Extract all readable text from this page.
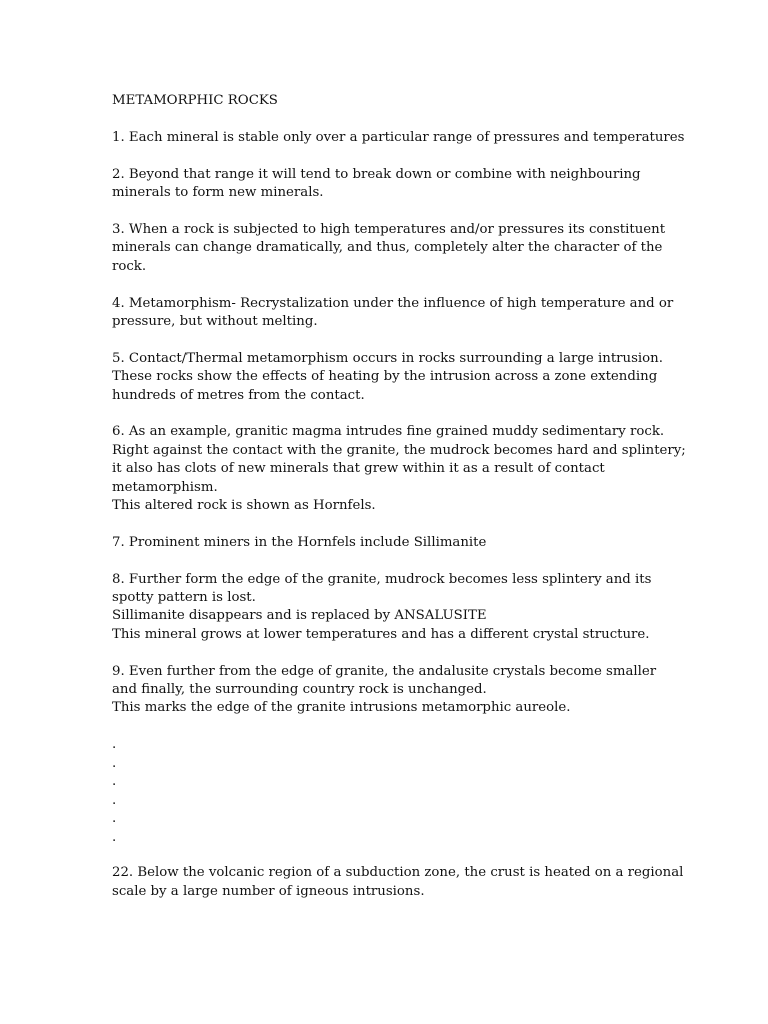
METAMORPHIC ROCKS
1. Each mineral is stable only over a particular range of pressures and temperatures
2. Beyond that range it will tend to break down or combine with neighbouring
minerals to form new minerals.
3. When a rock is subjected to high temperatures and/or pressures its constituent
minerals can change dramatically, and thus, completely alter the character of the
rock.
4. Metamorphism- Recrystalization under the influence of high temperature and or
pressure, but without melting.
5. Contact/Thermal metamorphism occurs in rocks surrounding a large intrusion.
These rocks show the effects of heating by the intrusion across a zone extending
hundreds of metres from the contact.
6. As an example, granitic magma intrudes fine grained muddy sedimentary rock.
Right against the contact with the granite, the mudrock becomes hard and splintery;
it also has clots of new minerals that grew within it as a result of contact
metamorphism.
This altered rock is shown as Hornfels.
7. Prominent miners in the Hornfels include Sillimanite
8. Further form the edge of the granite, mudrock becomes less splintery and its
spotty pattern is lost.
Sillimanite disappears and is replaced by ANSALUSITE
This mineral grows at lower temperatures and has a different crystal structure.
9. Even further from the edge of granite, the andalusite crystals become smaller
and finally, the surrounding country rock is unchanged.
This marks the edge of the granite intrusions metamorphic aureole.
.
.
.
.
.
.
22. Below the volcanic region of a subduction zone, the crust is heated on a regional
scale by a large number of igneous intrusions.
